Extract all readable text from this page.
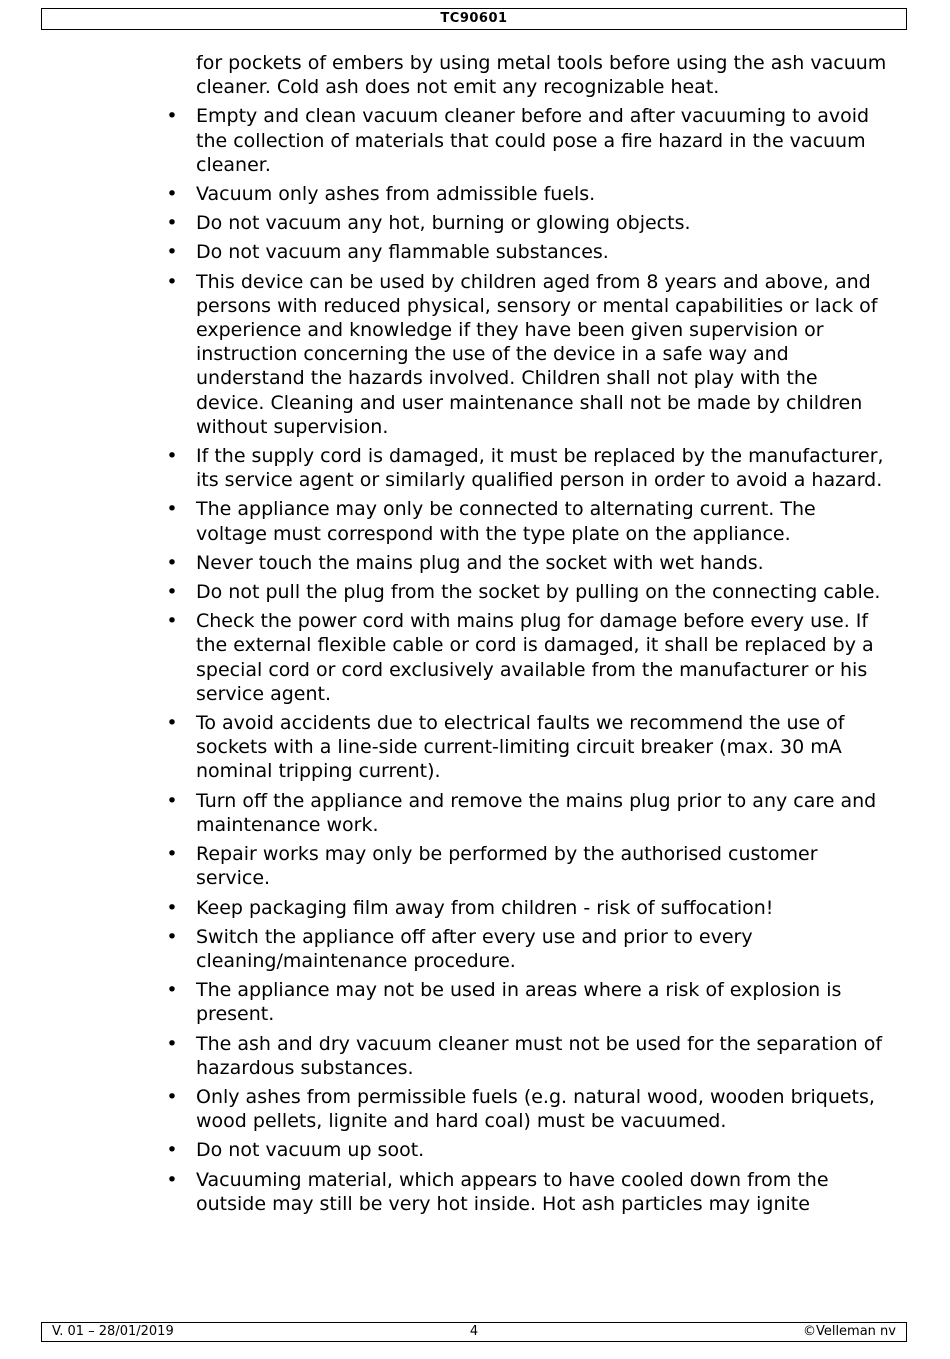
TC90601
for pockets of embers by using metal tools before using the ash vacuum cleaner. Cold ash does not emit any recognizable heat.
• Empty and clean vacuum cleaner before and after vacuuming to avoid the collection of materials that could pose a fire hazard in the vacuum cleaner.
• Vacuum only ashes from admissible fuels.
• Do not vacuum any hot, burning or glowing objects.
• Do not vacuum any flammable substances.
• This device can be used by children aged from 8 years and above, and persons with reduced physical, sensory or mental capabilities or lack of experience and knowledge if they have been given supervision or instruction concerning the use of the device in a safe way and understand the hazards involved. Children shall not play with the device. Cleaning and user maintenance shall not be made by children without supervision.
• If the supply cord is damaged, it must be replaced by the manufacturer, its service agent or similarly qualified person in order to avoid a hazard.
• The appliance may only be connected to alternating current. The voltage must correspond with the type plate on the appliance.
• Never touch the mains plug and the socket with wet hands.
• Do not pull the plug from the socket by pulling on the connecting cable.
• Check the power cord with mains plug for damage before every use. If the external flexible cable or cord is damaged, it shall be replaced by a special cord or cord exclusively available from the manufacturer or his service agent.
• To avoid accidents due to electrical faults we recommend the use of sockets with a line-side current-limiting circuit breaker (max. 30 mA nominal tripping current).
• Turn off the appliance and remove the mains plug prior to any care and maintenance work.
• Repair works may only be performed by the authorised customer service.
• Keep packaging film away from children - risk of suffocation!
• Switch the appliance off after every use and prior to every cleaning/maintenance procedure.
• The appliance may not be used in areas where a risk of explosion is present.
• The ash and dry vacuum cleaner must not be used for the separation of hazardous substances.
• Only ashes from permissible fuels (e.g. natural wood, wooden briquets, wood pellets, lignite and hard coal) must be vacuumed.
• Do not vacuum up soot.
• Vacuuming material, which appears to have cooled down from the outside may still be very hot inside. Hot ash particles may ignite
V. 01 – 28/01/2019	4	©Velleman nv
